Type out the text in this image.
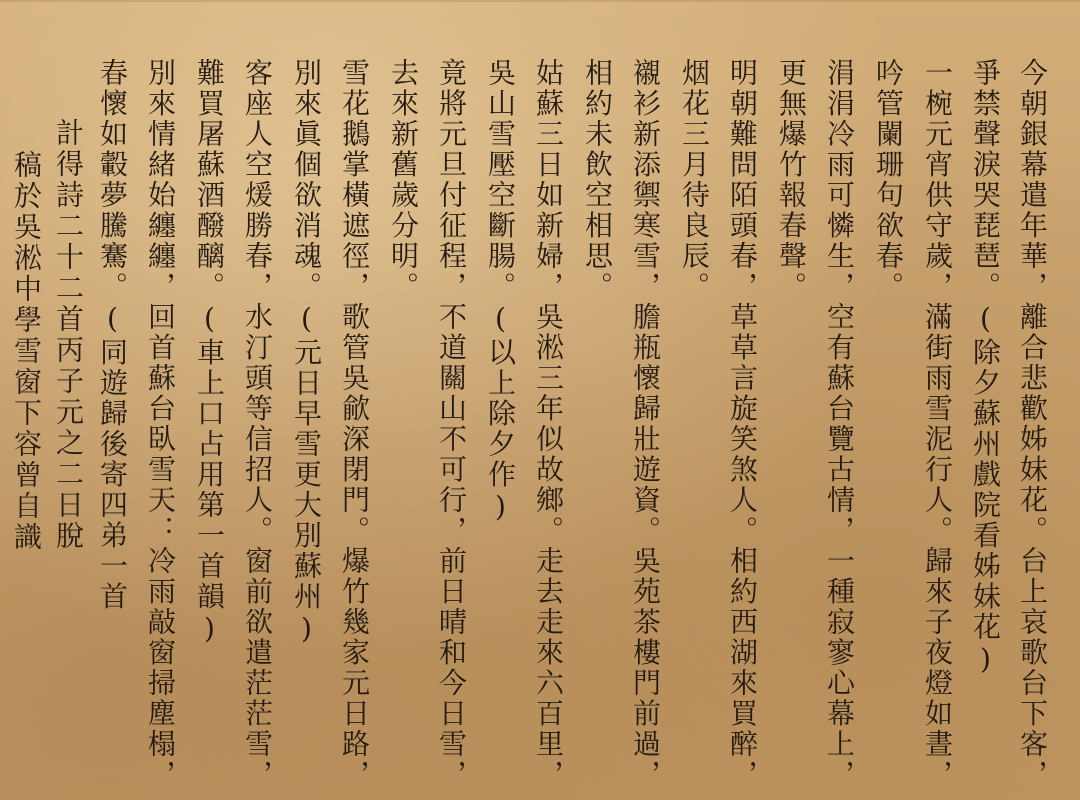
今朝銀幕遣年華，離合悲歡姊妹花。台上哀歌台下客，
爭禁聲淚哭琵琶。(除夕蘇州戲院看姊妹花)
一椀元宵供守歲，滿街雨雪泥行人。歸來子夜燈如晝，
吟管闌珊句欲春。
涓涓冷雨可憐生，空有蘇台覽古情，一種寂寥心幕上，
更無爆竹報春聲。
明朝難問陌頭春，草草言旋笑煞人。相約西湖來買醉，
烟花三月待良辰。
襯衫新添禦寒雪，膽瓶懷歸壯遊資。吳苑茶樓門前過，
相約未飲空相思。
姑蘇三日如新婦，吳淞三年似故鄉。走去走來六百里，
吳山雪壓空斷腸。(以上除夕作)
竟將元旦付征程，不道關山不可行，前日晴和今日雪，
去來新舊歲分明。
雪花鵝掌橫遮徑，歌管吳歈深閉門。爆竹幾家元日路，
別來眞個欲消魂。(元日早雪更大別蘇州)
客座人空煖勝春，水汀頭等信招人。窗前欲遣茫茫雪，
難買屠蘇酒醱醨。(車上口占用第一首韻)
別來情緒始纏纏，回首蘇台臥雪天：冷雨敲窗掃塵榻，
春懷如轂夢騰騫。(同遊歸後寄四弟一首
計得詩二十二首丙子元之二日脫
稿於吳淞中學雪窗下容曾自識
